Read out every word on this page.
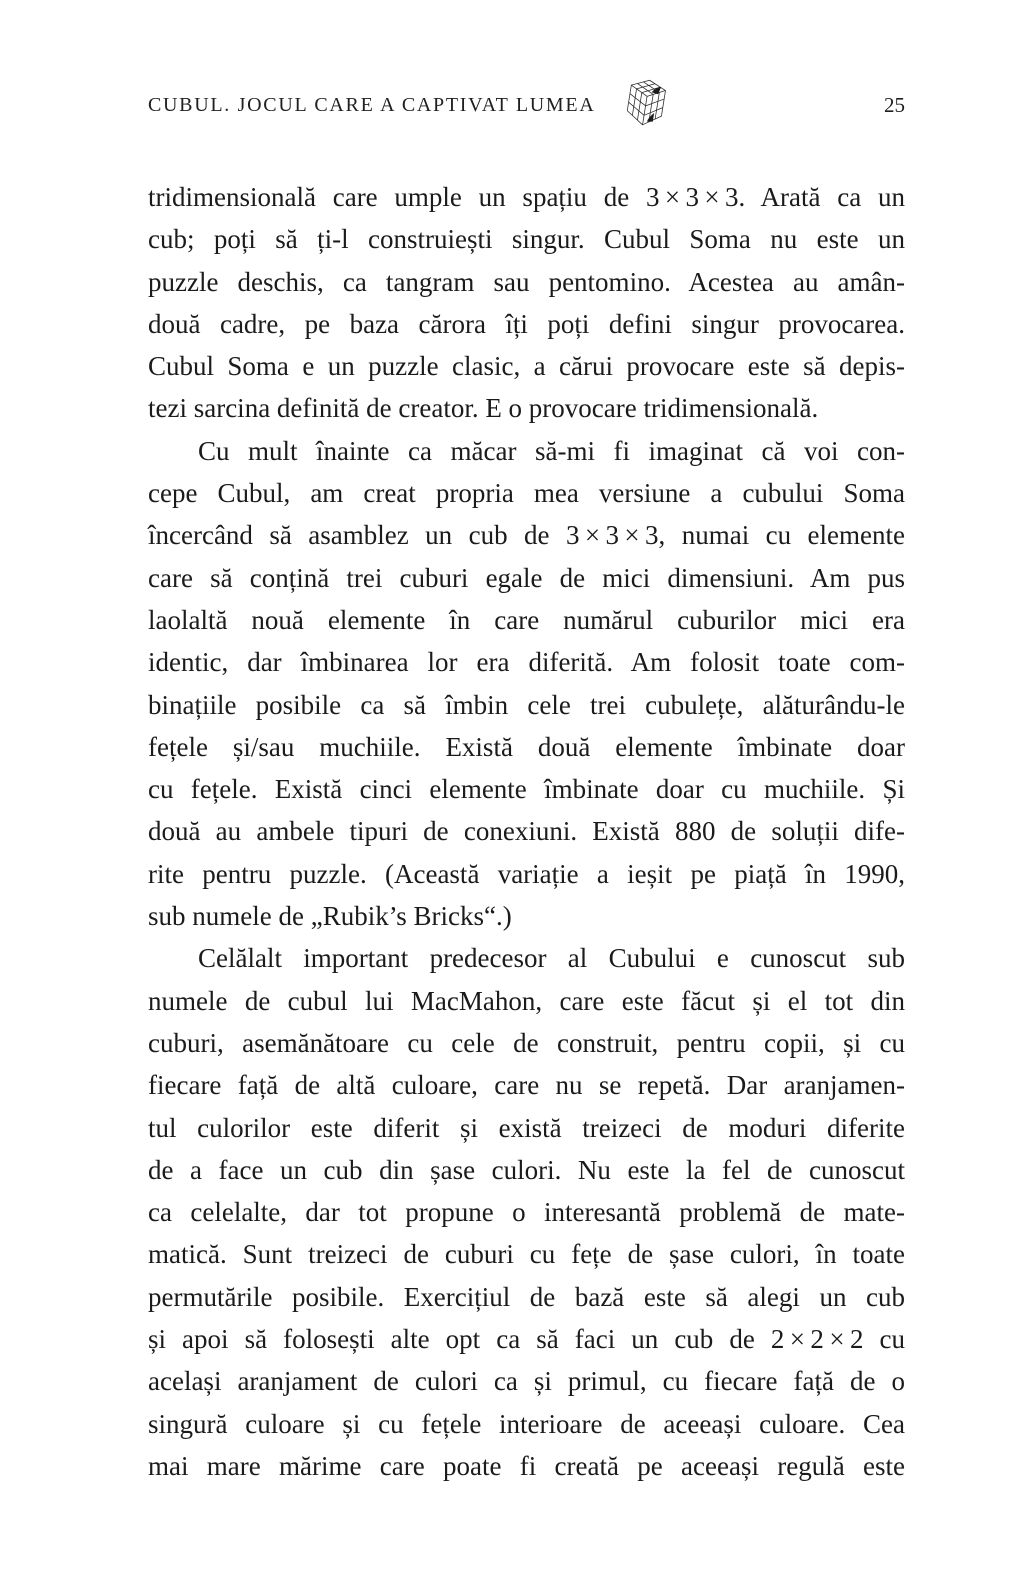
CUBUL. JOCUL CARE A CAPTIVAT LUMEA	25
tridimensională care umple un spațiu de 3 × 3 × 3. Arată ca un
cub; poți să ți-l construiești singur. Cubul Soma nu este un
puzzle deschis, ca tangram sau pentomino. Acestea au amân-
două cadre, pe baza cărora îți poți defini singur provocarea.
Cubul Soma e un puzzle clasic, a cărui provocare este să depis-
tezi sarcina definită de creator. E o provocare tridimensională.
Cu mult înainte ca măcar să-mi fi imaginat că voi con-
cepe Cubul, am creat propria mea versiune a cubului Soma
încercând să asamblez un cub de 3 × 3 × 3, numai cu elemente
care să conțină trei cuburi egale de mici dimensiuni. Am pus
laolaltă nouă elemente în care numărul cuburilor mici era
identic, dar îmbinarea lor era diferită. Am folosit toate com-
binațiile posibile ca să îmbin cele trei cubulețe, alăturându-le
fețele și/sau muchiile. Există două elemente îmbinate doar
cu fețele. Există cinci elemente îmbinate doar cu muchiile. Și
două au ambele tipuri de conexiuni. Există 880 de soluții dife-
rite pentru puzzle. (Această variație a ieșit pe piață în 1990,
sub numele de „Rubik’s Bricks“.)
Celălalt important predecesor al Cubului e cunoscut sub
numele de cubul lui MacMahon, care este făcut și el tot din
cuburi, asemănătoare cu cele de construit, pentru copii, și cu
fiecare față de altă culoare, care nu se repetă. Dar aranjamen-
tul culorilor este diferit și există treizeci de moduri diferite
de a face un cub din șase culori. Nu este la fel de cunoscut
ca celelalte, dar tot propune o interesantă problemă de mate-
matică. Sunt treizeci de cuburi cu fețe de șase culori, în toate
permutările posibile. Exercițiul de bază este să alegi un cub
și apoi să folosești alte opt ca să faci un cub de 2 × 2 × 2 cu
același aranjament de culori ca și primul, cu fiecare față de o
singură culoare și cu fețele interioare de aceeași culoare. Cea
mai mare mărime care poate fi creată pe aceeași regulă este
